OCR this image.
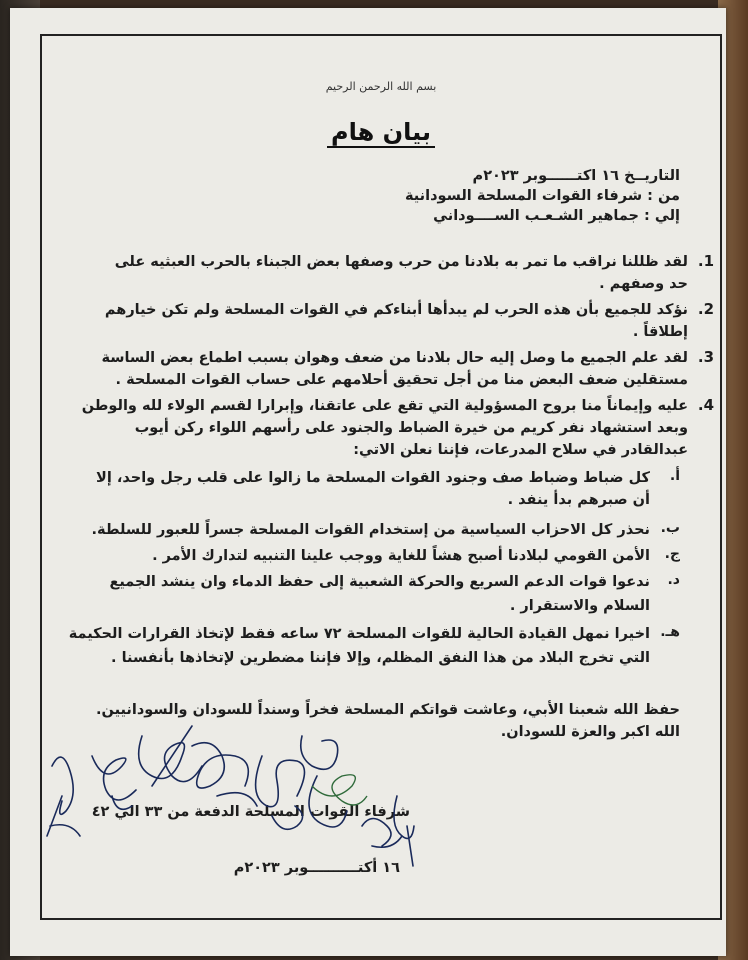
بسم الله الرحمن الرحيم
بيان هام
التاريــخ ١٦ اكتــــــوبر ٢٠٢٣م
من : شرفاء القوات المسلحة السودانية
إلي : جماهير الشـعـب الســــوداني
1.
لقد ظللنا نراقب ما تمر به بلادنا من حرب وصفها بعض الجبناء بالحرب العبثيه على
حد وصفهم .
2.
نؤكد للجميع بأن هذه الحرب لم يبدأها أبناءكم في القوات المسلحة ولم تكن خيارهم
إطلاقاً .
3.
لقد علم الجميع ما وصل إليه حال بلادنا من ضعف وهوان بسبب اطماع بعض الساسة
مستقلين ضعف البعض منا من أجل تحقيق أحلامهم على حساب القوات المسلحة .
4.
عليه وإيماناً منا بروح المسؤولية التي تقع على عاتقنا، وإبرارا لقسم الولاء لله والوطن
وبعد استشهاد نفر كريم من خيرة الضباط والجنود على رأسهم اللواء ركن أيوب
عبدالقادر في سلاح المدرعات، فإننا نعلن الاتي:
أ.
كل ضباط وضباط صف وجنود القوات المسلحة ما زالوا على قلب رجل واحد، إلا
أن صبرهم بدأ ينفد .
ب.
نحذر كل الاحزاب السياسية من إستخدام القوات المسلحة جسراً للعبور للسلطة.
ج.
الأمن القومي لبلادنا أصبح هشاً للغاية ووجب علينا التنبيه لتدارك الأمر .
د.
ندعوا قوات الدعم السريع والحركة الشعبية إلى حفظ الدماء وان ينشد الجميع
السلام والاستقرار .
هـ.
اخيرا نمهل القيادة الحالية للقوات المسلحة ٧٢ ساعه فقط لإتخاذ القرارات الحكيمة
التي تخرج البلاد من هذا النفق المظلم، وإلا فإننا مضطرين لإتخاذها بأنفسنا .
حفظ الله شعبنا الأبي، وعاشت قواتكم المسلحة فخراً وسنداً للسودان والسودانيين.
الله اكبر والعزة للسودان.
شرفاء القوات المسلحة الدفعة من ٣٣ الي ٤٢
١٦ أكتــــــــــوبر ٢٠٢٣م
